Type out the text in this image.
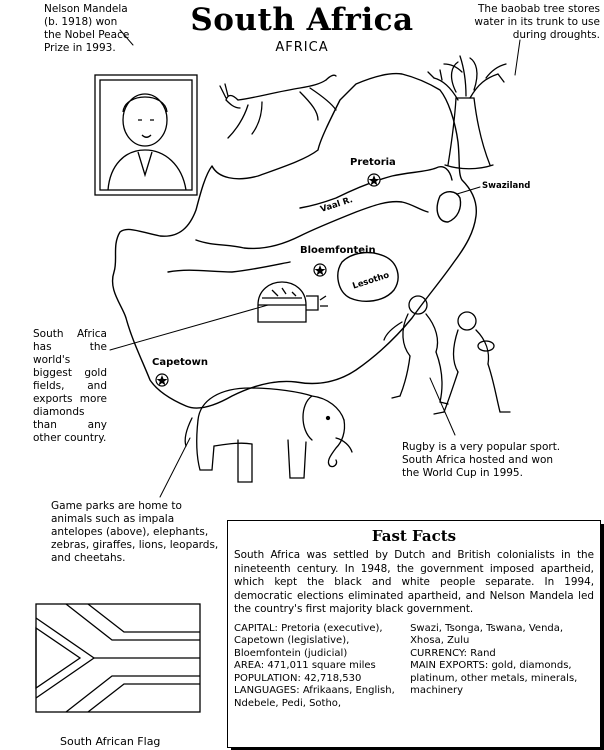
South Africa
AFRICA
Nelson Mandela (b. 1918) won the Nobel Peace Prize in 1993.
The baobab tree stores water in its trunk to use during droughts.
South Africa has the world's biggest gold fields, and exports more diamonds than any other country.
Rugby is a very popular sport. South Africa hosted and won the World Cup in 1995.
Game parks are home to animals such as impala antelopes (above), elephants, zebras, giraffes, lions, leopards, and cheetahs.
Pretoria
Bloemfontein
Capetown
Vaal R.
Lesotho
Swaziland
Fast Facts
South Africa was settled by Dutch and British colonialists in the nineteenth century. In 1948, the government imposed apartheid, which kept the black and white people separate. In 1994, democratic elections eliminated apartheid, and Nelson Mandela led the country's first majority black government.
CAPITAL: Pretoria (executive), Capetown (legislative), Bloemfontein (judicial)
AREA: 471,011 square miles
POPULATION: 42,718,530
LANGUAGES: Afrikaans, English, Ndebele, Pedi, Sotho,
Swazi, Tsonga, Tswana, Venda, Xhosa, Zulu
CURRENCY: Rand
MAIN EXPORTS: gold, diamonds, platinum, other metals, minerals, machinery
South African Flag
